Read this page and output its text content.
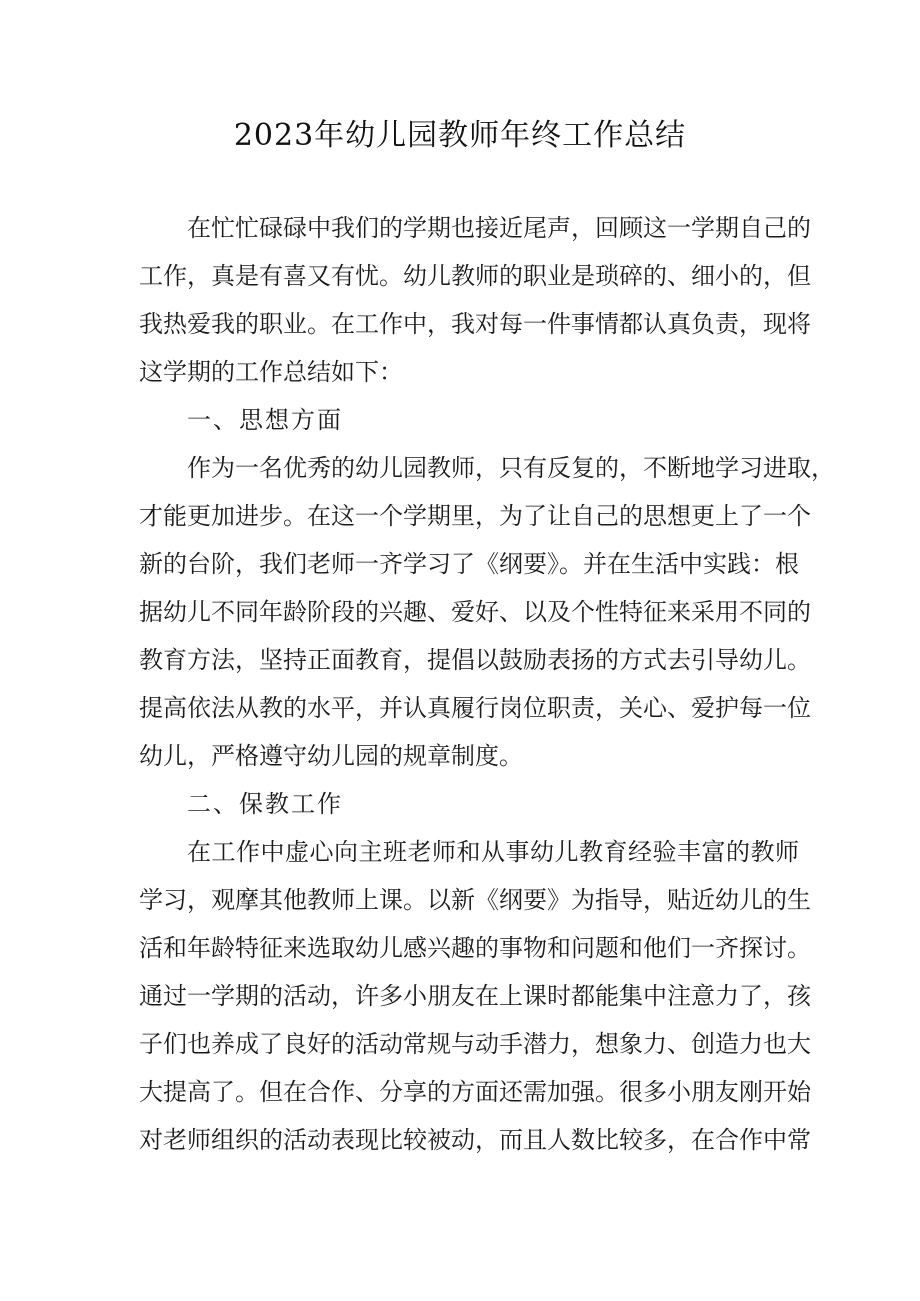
2023年幼儿园教师年终工作总结
在忙忙碌碌中我们的学期也接近尾声，回顾这一学期自己的
工作，真是有喜又有忧。幼儿教师的职业是琐碎的、细小的，但
我热爱我的职业。在工作中，我对每一件事情都认真负责，现将
这学期的工作总结如下：
一、思想方面
作为一名优秀的幼儿园教师，只有反复的，不断地学习进取，
才能更加进步。在这一个学期里，为了让自己的思想更上了一个
新的台阶，我们老师一齐学习了《纲要》。并在生活中实践：根
据幼儿不同年龄阶段的兴趣、爱好、以及个性特征来采用不同的
教育方法，坚持正面教育，提倡以鼓励表扬的方式去引导幼儿。
提高依法从教的水平，并认真履行岗位职责，关心、爱护每一位
幼儿，严格遵守幼儿园的规章制度。
二、保教工作
在工作中虚心向主班老师和从事幼儿教育经验丰富的教师
学习，观摩其他教师上课。以新《纲要》为指导，贴近幼儿的生
活和年龄特征来选取幼儿感兴趣的事物和问题和他们一齐探讨。
通过一学期的活动，许多小朋友在上课时都能集中注意力了，孩
子们也养成了良好的活动常规与动手潜力，想象力、创造力也大
大提高了。但在合作、分享的方面还需加强。很多小朋友刚开始
对老师组织的活动表现比较被动，而且人数比较多，在合作中常
